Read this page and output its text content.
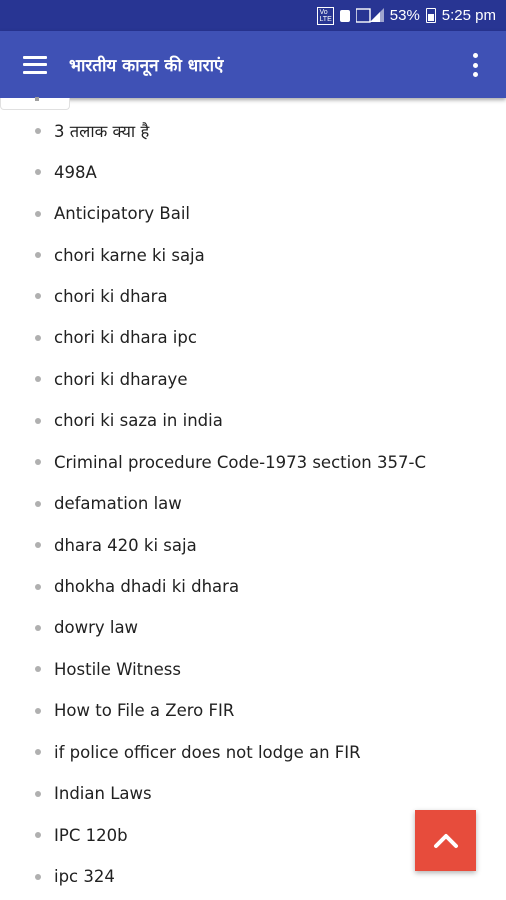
Vo
LTE	53% 5:25 pm
भारतीय कानून की धाराएं
3 तलाक क्या है
498A
Anticipatory Bail
chori karne ki saja
chori ki dhara
chori ki dhara ipc
chori ki dharaye
chori ki saza in india
Criminal procedure Code-1973 section 357-C
defamation law
dhara 420 ki saja
dhokha dhadi ki dhara
dowry law
Hostile Witness
How to File a Zero FIR
if police officer does not lodge an FIR
Indian Laws
IPC 120b
ipc 324
